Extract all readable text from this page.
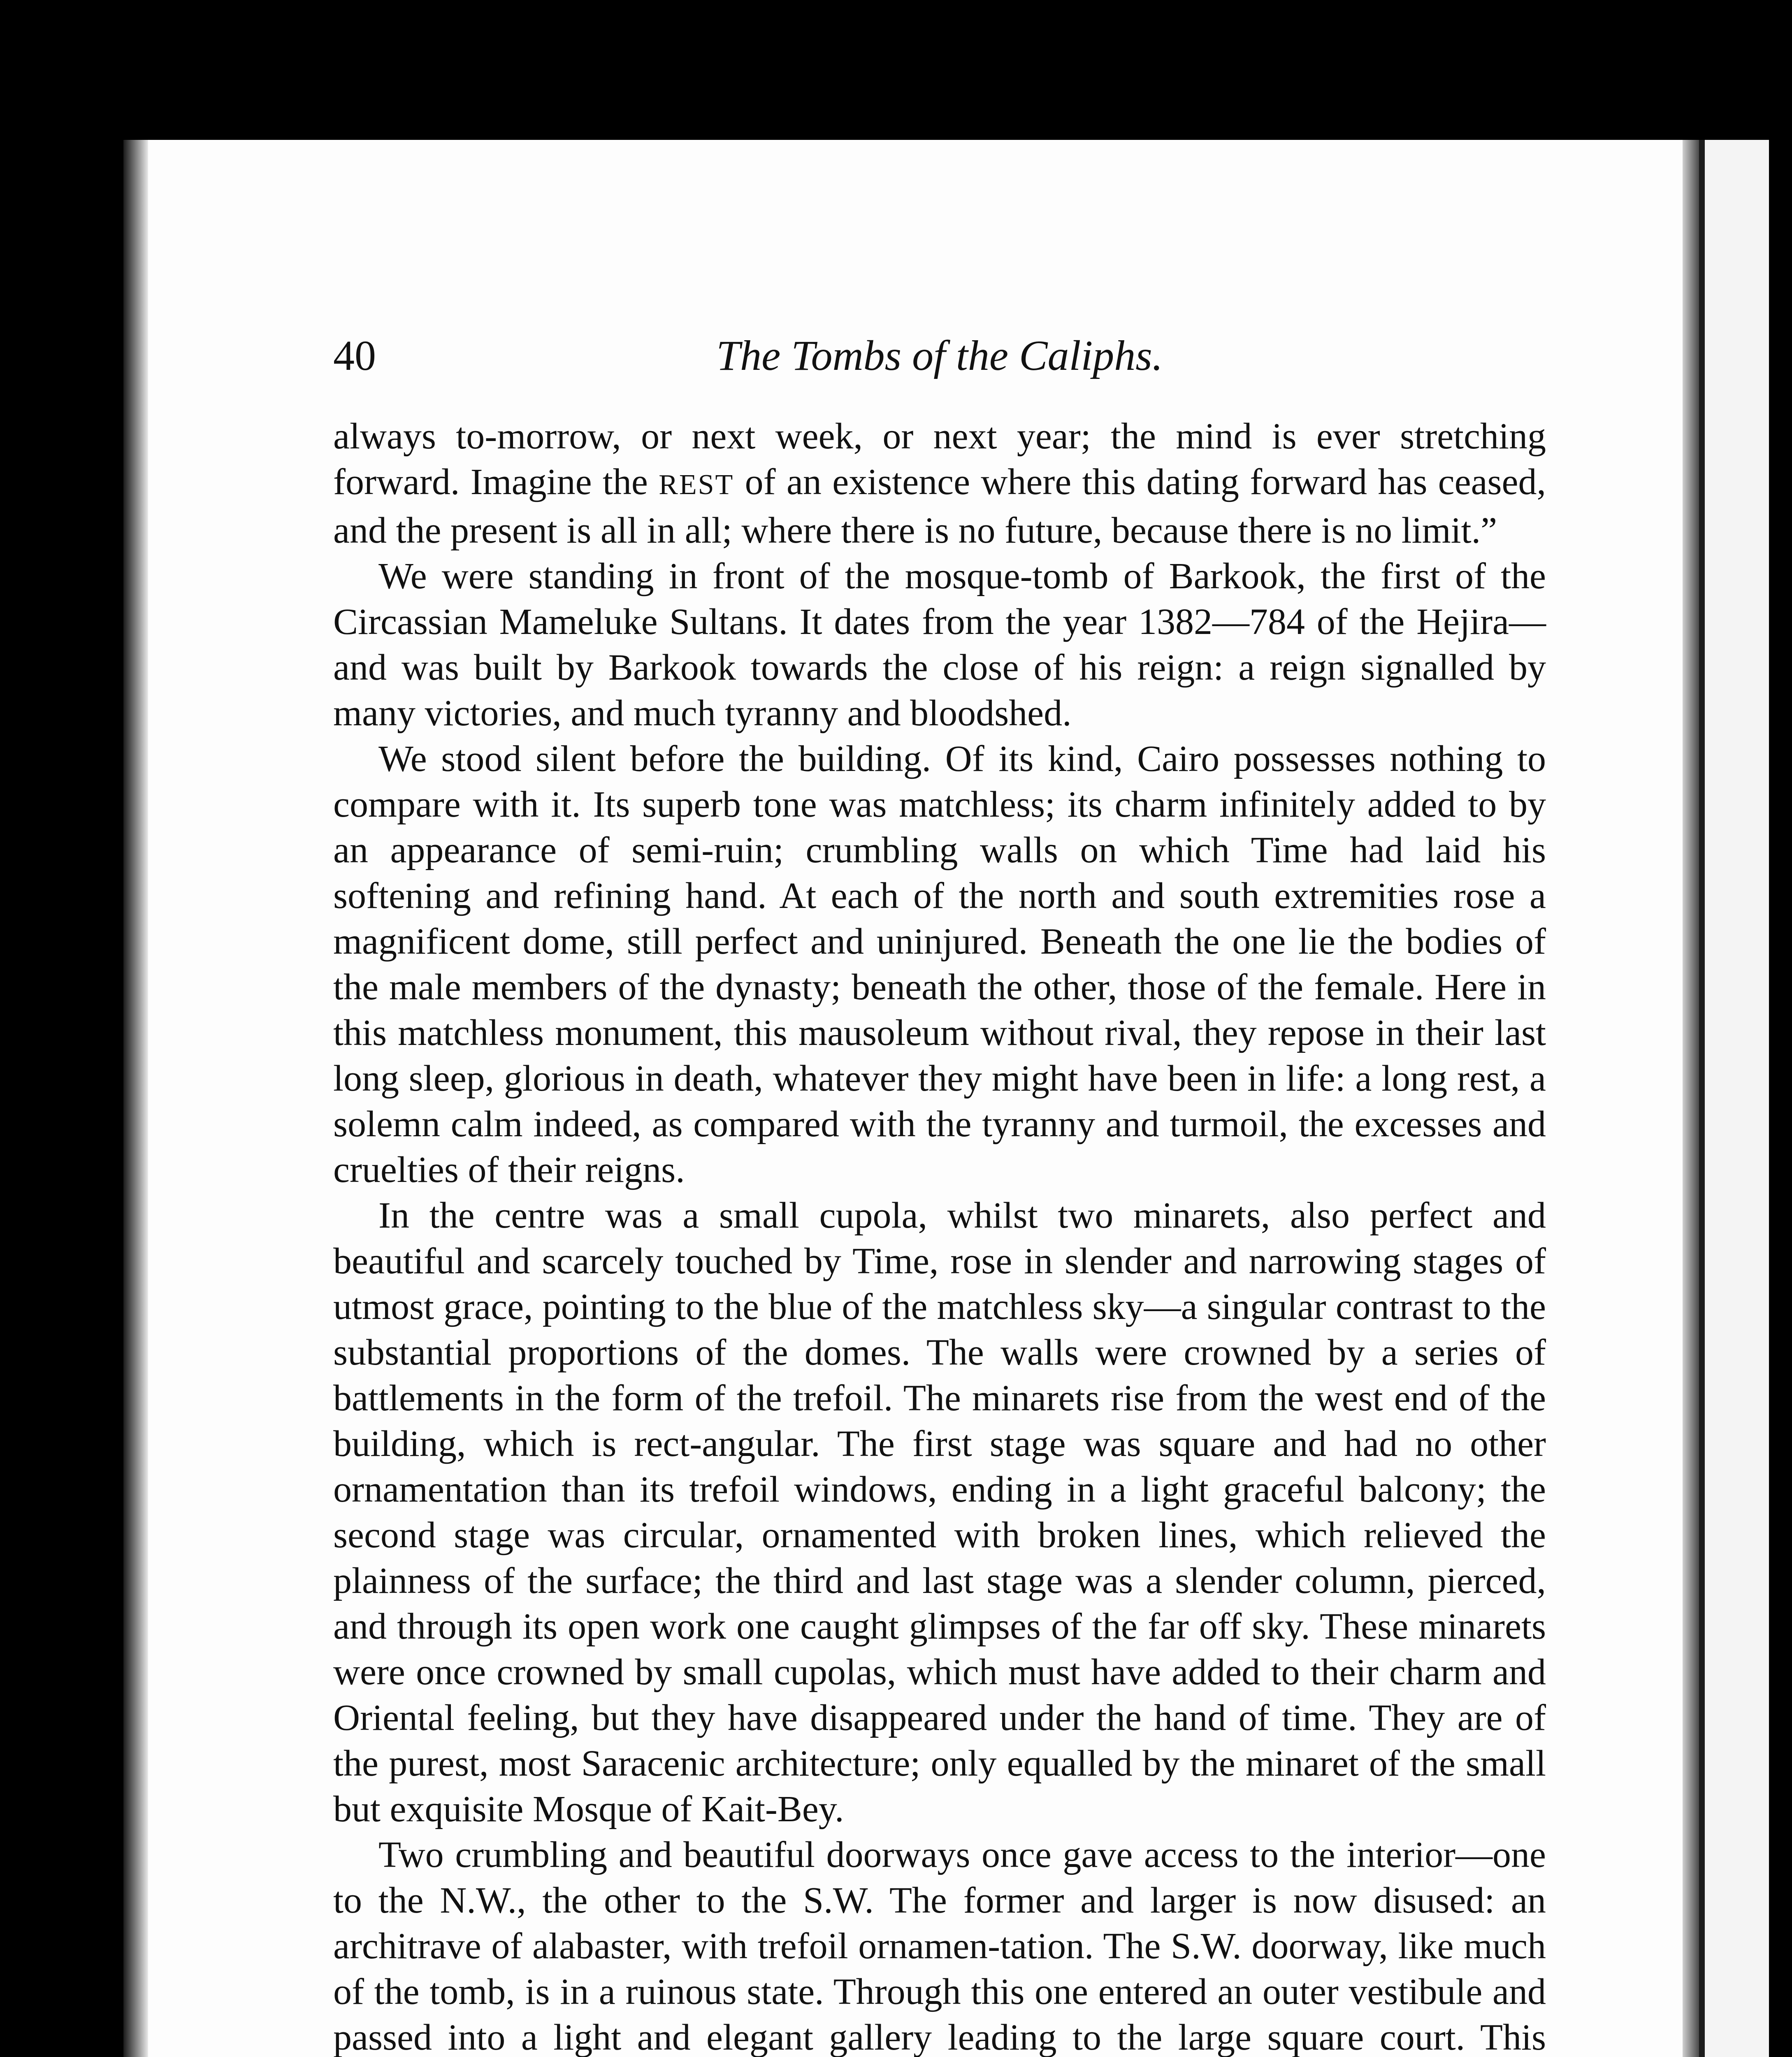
40	The Tombs of the Caliphs.

always to-morrow, or next week, or next year; the mind is ever stretching forward. Imagine the REST of an existence where this dating forward has ceased, and the present is all in all; where there is no future, because there is no limit.”

We were standing in front of the mosque-tomb of Barkook, the first of the Circassian Mameluke Sultans. It dates from the year 1382—784 of the Hejira—and was built by Barkook towards the close of his reign: a reign signalled by many victories, and much tyranny and bloodshed.

We stood silent before the building. Of its kind, Cairo possesses nothing to compare with it. Its superb tone was matchless; its charm infinitely added to by an appearance of semi-ruin; crumbling walls on which Time had laid his softening and refining hand. At each of the north and south extremities rose a magnificent dome, still perfect and uninjured. Beneath the one lie the bodies of the male members of the dynasty; beneath the other, those of the female. Here in this matchless monument, this mausoleum without rival, they repose in their last long sleep, glorious in death, whatever they might have been in life: a long rest, a solemn calm indeed, as compared with the tyranny and turmoil, the excesses and cruelties of their reigns.

In the centre was a small cupola, whilst two minarets, also perfect and beautiful and scarcely touched by Time, rose in slender and narrowing stages of utmost grace, pointing to the blue of the matchless sky—a singular contrast to the substantial proportions of the domes. The walls were crowned by a series of battlements in the form of the trefoil. The minarets rise from the west end of the building, which is rect-angular. The first stage was square and had no other ornamentation than its trefoil windows, ending in a light graceful balcony; the second stage was circular, ornamented with broken lines, which relieved the plainness of the surface; the third and last stage was a slender column, pierced, and through its open work one caught glimpses of the far off sky. These minarets were once crowned by small cupolas, which must have added to their charm and Oriental feeling, but they have disappeared under the hand of time. They are of the purest, most Saracenic architecture; only equalled by the minaret of the small but exquisite Mosque of Kait-Bey.

Two crumbling and beautiful doorways once gave access to the interior—one to the N.W., the other to the S.W. The former and larger is now disused: an architrave of alabaster, with trefoil ornamen-tation. The S.W. doorway, like much of the tomb, is in a ruinous state. Through this one entered an outer vestibule and passed into a light and elegant gallery leading to the large square court. This
